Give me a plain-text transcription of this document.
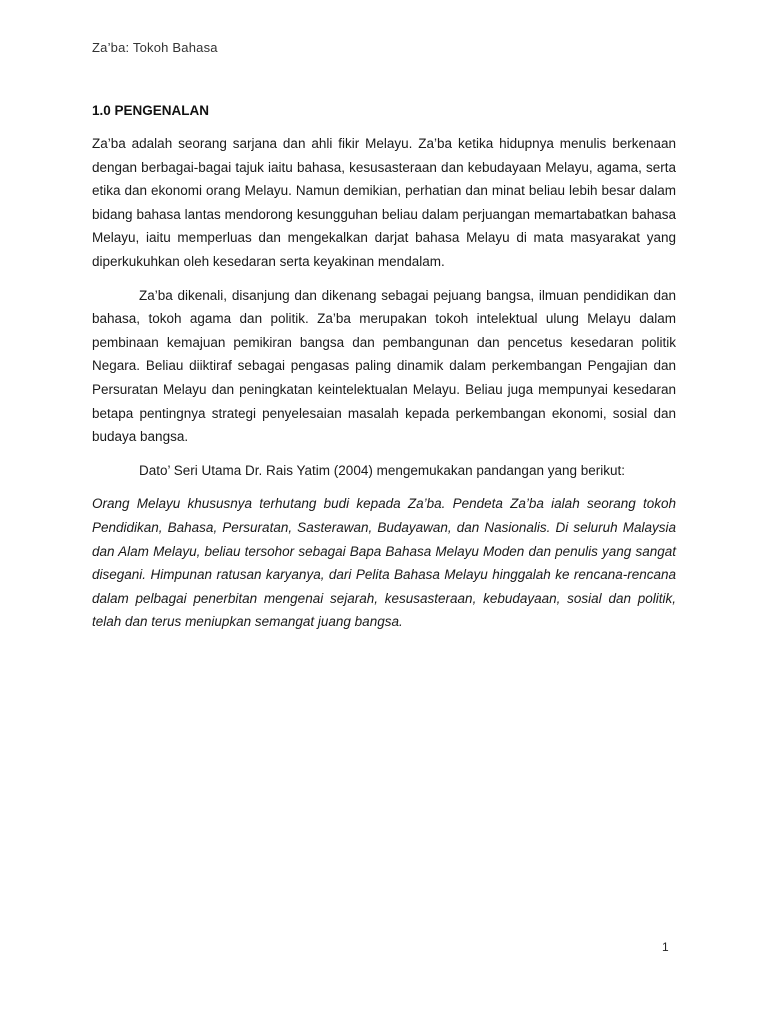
Za’ba: Tokoh Bahasa
1.0 PENGENALAN

Za’ba adalah seorang sarjana dan ahli fikir Melayu. Za’ba ketika hidupnya menulis berkenaan dengan berbagai-bagai tajuk iaitu bahasa, kesusasteraan dan kebudayaan Melayu, agama, serta etika dan ekonomi orang Melayu. Namun demikian, perhatian dan minat beliau lebih besar dalam bidang bahasa lantas mendorong kesungguhan beliau dalam perjuangan memartabatkan bahasa Melayu, iaitu memperluas dan mengekalkan darjat bahasa Melayu di mata masyarakat yang diperkukuhkan oleh kesedaran serta keyakinan mendalam.

Za’ba dikenali, disanjung dan dikenang sebagai pejuang bangsa, ilmuan pendidikan dan bahasa, tokoh agama dan politik. Za’ba merupakan tokoh intelektual ulung Melayu dalam pembinaan kemajuan pemikiran bangsa dan pembangunan dan pencetus kesedaran politik Negara. Beliau diiktiraf sebagai pengasas paling dinamik dalam perkembangan Pengajian dan Persuratan Melayu dan peningkatan keintelektualan Melayu. Beliau juga mempunyai kesedaran betapa pentingnya strategi penyelesaian masalah kepada perkembangan ekonomi, sosial dan budaya bangsa.

Dato’ Seri Utama Dr. Rais Yatim (2004) mengemukakan pandangan yang berikut:

Orang Melayu khususnya terhutang budi kepada Za’ba. Pendeta Za’ba ialah seorang tokoh Pendidikan, Bahasa, Persuratan, Sasterawan, Budayawan, dan Nasionalis. Di seluruh Malaysia dan Alam Melayu, beliau tersohor sebagai Bapa Bahasa Melayu Moden dan penulis yang sangat disegani. Himpunan ratusan karyanya, dari Pelita Bahasa Melayu hinggalah ke rencana-rencana dalam pelbagai penerbitan mengenai sejarah, kesusasteraan, kebudayaan, sosial dan politik, telah dan terus meniupkan semangat juang bangsa.

1
